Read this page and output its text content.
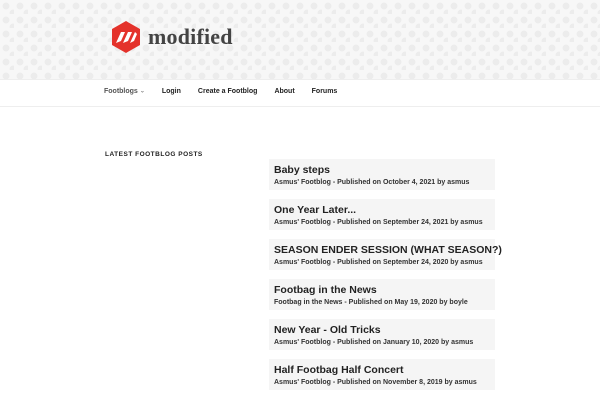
modified
Footblogs ⌄ Login Create a Footblog About Forums
LATEST FOOTBLOG POSTS
Baby steps
Asmus' Footblog - Published on October 4, 2021 by asmus
One Year Later...
Asmus' Footblog - Published on September 24, 2021 by asmus
SEASON ENDER SESSION (WHAT SEASON?)
Asmus' Footblog - Published on September 24, 2020 by asmus
Footbag in the News
Footbag in the News - Published on May 19, 2020 by boyle
New Year - Old Tricks
Asmus' Footblog - Published on January 10, 2020 by asmus
Half Footbag Half Concert
Asmus' Footblog - Published on November 8, 2019 by asmus
